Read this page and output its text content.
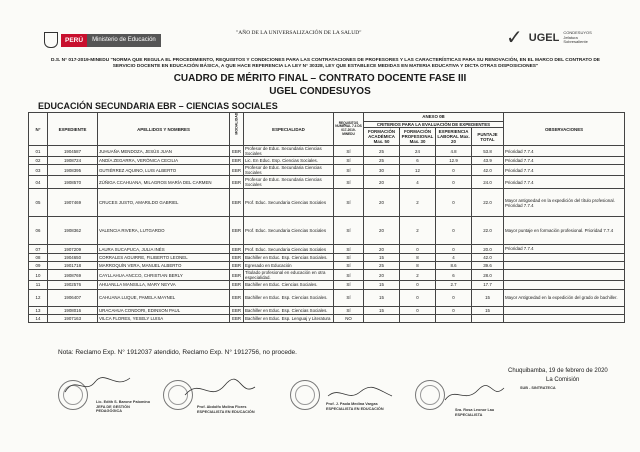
PERÚ	Ministerio de Educación
"AÑO DE LA UNIVERSALIZACIÓN DE LA SALUD"	✓ UGEL CONDESUYOS Jefatura Sobresaliente
D.S. N° 017-2019-MINEDU "NORMA QUE REGULA EL PROCEDIMIENTO, REQUISITOS Y CONDICIONES PARA LAS CONTRATACIONES DE PROFESORES Y LAS CARACTERÍSTICAS PARA SU RENOVACIÓN, EN EL MARCO DEL CONTRATO DE SERVICIO DOCENTE EN EDUCACIÓN BÁSICA, A QUE HACE REFERENCIA LA LEY N° 30328, LEY QUE ESTABLECE MEDIDAS EN MATERIA EDUCATIVA Y DICTA OTRAS DISPOSICIONES"
CUADRO DE MÉRITO FINAL – CONTRATO DOCENTE FASE III
UGEL CONDESUYOS
EDUCACIÓN SECUNDARIA EBR – CIENCIAS SOCIALES
N°	EXPEDIENTE	APELLIDOS Y NOMBRES	MODALIDAD	ESPECIALIDAD	REQUISITOS NUMERAL 7.4 DS 017-2019-MINEDU	ANEXO 0B				OBSERVACIONES
						CRITERIOS PARA LA EVALUACIÓN DE EXPEDIENTES				
						FORMACIÓN ACADÉMICA Max. 50	FORMACIÓN PROFESIONAL Max. 30	EXPERIENCIA LABORAL Max. 20	PUNTAJE TOTAL	
01	1904587	JUHUAÑA MENDOZA, JESÚS JUAN	EBR	Profesor de Educ. Secundaria Ciencias Sociales	SÍ	25	24	4.8	53.8	Prioridad 7.7.4
02	1908724	ANDÍA ZEGARRA, VERÓNICA CECILIA	EBR	Lic. En Educ. Esp. Ciencias Sociales.	SÍ	25	6	12.9	43.9	Prioridad 7.7.4
03	1908395	GUTIÉRREZ AQUINO, LUIS ALBERTO	EBR	Profesor de Educ. Secundaria Ciencias Sociales	SÍ	30	12	0	42.0	Prioridad 7.7.4
04	1908570	ZÚÑIGA CCAHUANA, MILAGROS MARÍA DEL CARMEN	EBR	Profesor de Educ. Secundaria Ciencias Sociales	SÍ	20	4	0	24.0	Prioridad 7.7.4
05	1907469	CRUCES JUSTO, AMARILDO GABRIEL	EBR	Prof. Educ. Secundaria Ciencias Sociales	SÍ	20	2	0	22.0	Mayor antigüedad en la expedición del título profesional. Prioridad 7.7.4
06	1908362	VALENCIA RIVERA, LUTGARDO	EBR	Prof. Educ. Secundaria Ciencias Sociales	SÍ	20	2	0	22.0	Mayor puntaje en formación profesional. Prioridad 7.7.4
07	1907209	LAURA SUCAPUCA, JULIA INÉS	EBR	Prof. Educ. Secundaria Ciencias Sociales	SÍ	20	0	0	20.0	Prioridad 7.7.4
08	1904650	CORRALES AGUIRRE, FILIBERTO LEONEL	EBR	Bachiller en Educ. Esp. Ciencias Sociales.	SÍ	15	8	4	42.0	
09	1901718	MARROQUÍN VERA, MANUEL ALBERTO	EBR	Egresado en Educación	SÍ	25	8	8.6	39.6	
10	1908769	CAYLLAHUA ANCCO, CHRISTIAN BERLY	EBR	Titulado profesional en educación en otra especialidad.	SÍ	20	2	6	28.0	
11	1902576	AHUANLLA MANSILLA, MARY NEYVA	EBR	Bachiller en Educ. Ciencias Sociales.	SÍ	15	0	2.7	17.7	
12	1906407	CAHUANA LUQUE, PAMELA MAYNEL	EBR	Bachiller en Educ. Esp. Ciencias Sociales.	SÍ	15	0	0	15	Mayor Antigüedad en la expedición del grado de bachiller.
13	1908016	URACAHUA CONDORI, EDINSON PAUL	EBR	Bachiller en Educ. Esp. Ciencias Sociales.	SÍ	15	0	0	15	
14	1907163	VILCA FLORES, YESELY LUISA	EBR	Bachiller en Educ. Esp. Lenguaj y Literatura	NO					
Nota: Reclamo Exp. N° 1912037 atendido, Reclamo Exp. N° 1912756, no procede.
Chuquibamba, 19 de febrero de 2020
La Comisión
Lic. Edith S. Barone Palomino JEFA DE GESTIÓN PEDAGÓGICA
Prof. Abdolfo Molina Flores ESPECIALISTA EN EDUCACIÓN
Prof. J. Paola Medina Vargas ESPECIALISTA EN EDUCACIÓN	Sra. Rosa Leonor Lau ESPECIALISTA
SUB - SINTRATECA
